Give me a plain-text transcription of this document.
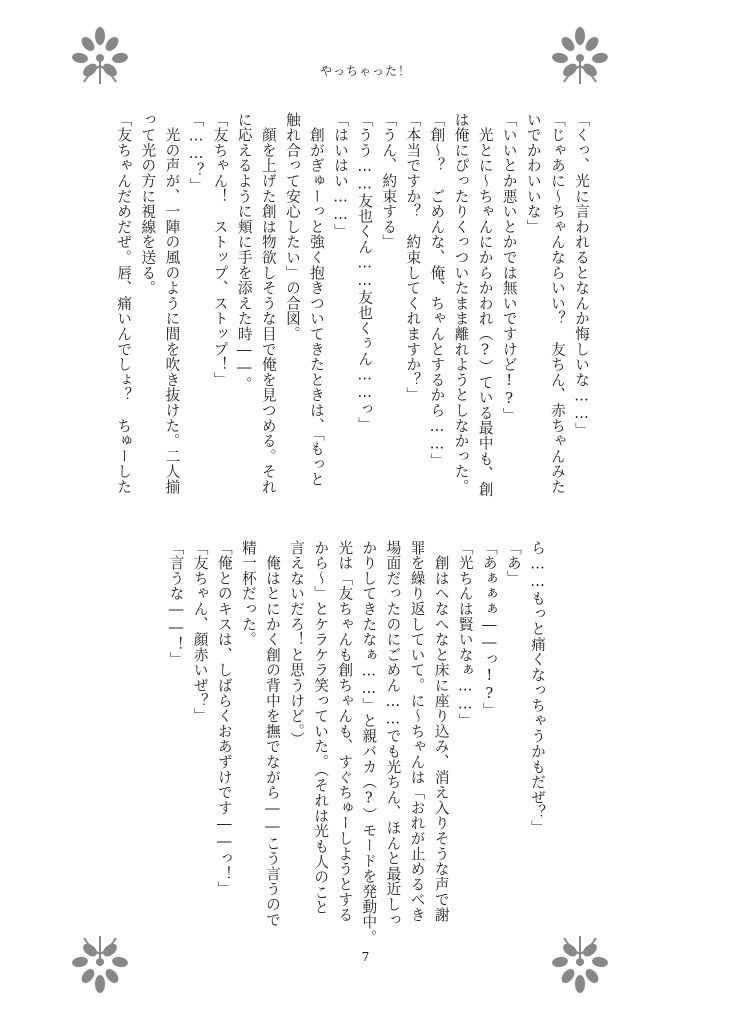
やっちゃった！
「くっ、光に言われるとなんか悔しいな……」
「じゃあに〜ちゃんならいい？　友ちん、赤ちゃんみた
いでかわいいな」
「いいとか悪いとかでは無いですけど!?」
　光とに〜ちゃんにからかわれ（?）ている最中も、創
は俺にぴったりくっついたまま離れようとしなかった。
「創〜？　ごめんな、俺、ちゃんとするから……」
「本当ですか？　約束してくれますか？」
「うん、約束する」
「うう……友也くん……友也くぅん……っ」
「はいはい……」
　創がぎゅーっと強く抱きついてきたときは、「もっと
触れ合って安心したい」の合図。
　顔を上げた創は物欲しそうな目で俺を見つめる。それ
に応えるように頬に手を添えた時――。
「友ちゃん！　ストップ、ストップ！」
「……？」
　光の声が、一陣の風のように間を吹き抜けた。二人揃
って光の方に視線を送る。
「友ちゃんだめだぜ。唇、痛いんでしょ？　ちゅーした
ら……もっと痛くなっちゃうかもだぜ？」
「あ」
「あぁぁぁ――っ!?」
「光ちんは賢いなぁ……」
　創はへなへなと床に座り込み、消え入りそうな声で謝
罪を繰り返していて。に〜ちゃんは「おれが止めるべき
場面だったのにごめん……でも光ちん、ほんと最近しっ
かりしてきたなぁ……」と親バカ（?）モードを発動中。
光は「友ちゃんも創ちゃんも、すぐちゅーしようとする
から〜」とケラケラ笑っていた。（それは光も人のこと
言えないだろ！と思うけど。）
　俺はとにかく創の背中を撫でながら――こう言うので
精一杯だった。
「俺とのキスは、しばらくおあずけです――っ！」
「友ちゃん、顔赤いぜ？」
「言うな――！」
7
